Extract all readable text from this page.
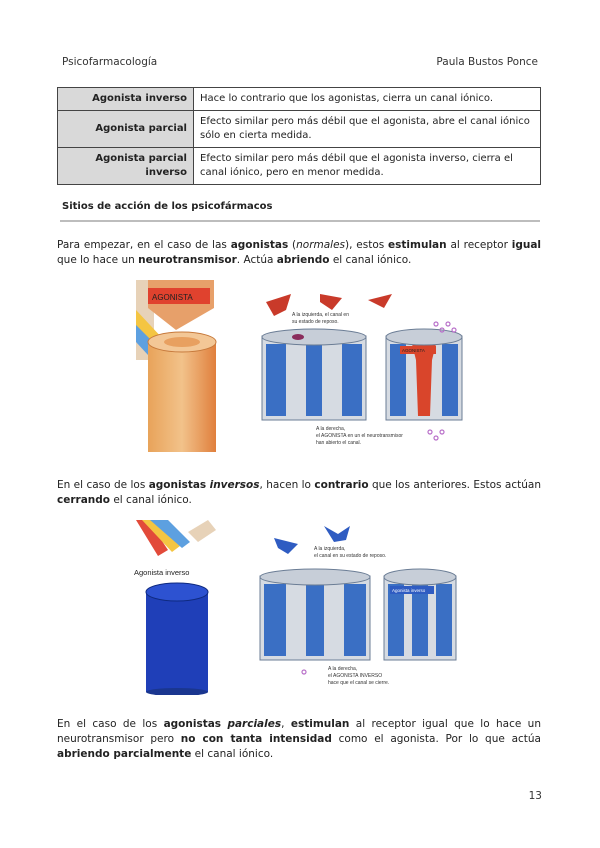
Psicofarmacología	Paula Bustos Ponce
Agonista inverso	Hace lo contrario que los agonistas, cierra un canal iónico.
Agonista parcial	Efecto similar pero más débil que el agonista, abre el canal iónico sólo en cierta medida.
Agonista parcial inverso	Efecto similar pero más débil que el agonista inverso, cierra el canal iónico, pero en menor medida.
Sitios de acción de los psicofármacos
Para empezar, en el caso de las agonistas (normales), estos estimulan al receptor igual que lo hace un neurotransmisor. Actúa abriendo el canal iónico.
AGONISTA
A la izquierda, el canal en
su estado de reposo.
AGONISTA
A la derecha,
el AGONISTA en un el neurotransmisor
han abierto el canal.
En el caso de los agonistas inversos, hacen lo contrario que los anteriores. Estos actúan cerrando el canal iónico.
Agonista inverso
A la izquierda,
el canal en su estado de reposo.
Agonista inverso
A la derecha,
el AGONISTA INVERSO
hace que el canal se cierre.
En el caso de los agonistas parciales, estimulan al receptor igual que lo hace un neurotransmisor pero no con tanta intensidad como el agonista. Por lo que actúa abriendo parcialmente el canal iónico.
13
